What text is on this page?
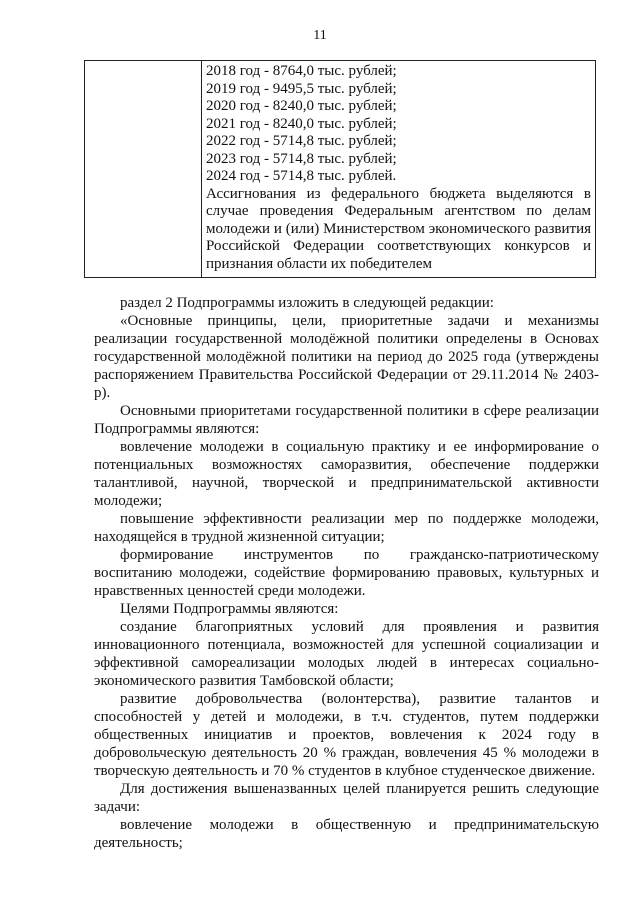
11

2018 год - 8764,0 тыс. рублей;
2019 год - 9495,5 тыс. рублей;
2020 год - 8240,0 тыс. рублей;
2021 год - 8240,0 тыс. рублей;
2022 год - 5714,8 тыс. рублей;
2023 год - 5714,8 тыс. рублей;
2024 год - 5714,8 тыс. рублей.
Ассигнования из федерального бюджета выделяются в случае проведения Федеральным агентством по делам молодежи и (или) Министерством экономического развития Российской Федерации соответствующих конкурсов и признания области их победителем

раздел 2 Подпрограммы изложить в следующей редакции:

«Основные принципы, цели, приоритетные задачи и механизмы реализации государственной молодёжной политики определены в Основах государственной молодёжной политики на период до 2025 года (утверждены распоряжением Правительства Российской Федерации от 29.11.2014 № 2403-р).

Основными приоритетами государственной политики в сфере реализации Подпрограммы являются:

вовлечение молодежи в социальную практику и ее информирование о потенциальных возможностях саморазвития, обеспечение поддержки талантливой, научной, творческой и предпринимательской активности молодежи;

повышение эффективности реализации мер по поддержке молодежи, находящейся в трудной жизненной ситуации;

формирование инструментов по гражданско-патриотическому воспитанию молодежи, содействие формированию правовых, культурных и нравственных ценностей среди молодежи.

Целями Подпрограммы являются:

создание благоприятных условий для проявления и развития инновационного потенциала, возможностей для успешной социализации и эффективной самореализации молодых людей в интересах социально-экономического развития Тамбовской области;

развитие добровольчества (волонтерства), развитие талантов и способностей у детей и молодежи, в т.ч. студентов, путем поддержки общественных инициатив и проектов, вовлечения к 2024 году в добровольческую деятельность 20 % граждан, вовлечения 45 % молодежи в творческую деятельность и 70 % студентов в клубное студенческое движение.

Для достижения вышеназванных целей планируется решить следующие задачи:

вовлечение молодежи в общественную и предпринимательскую деятельность;
